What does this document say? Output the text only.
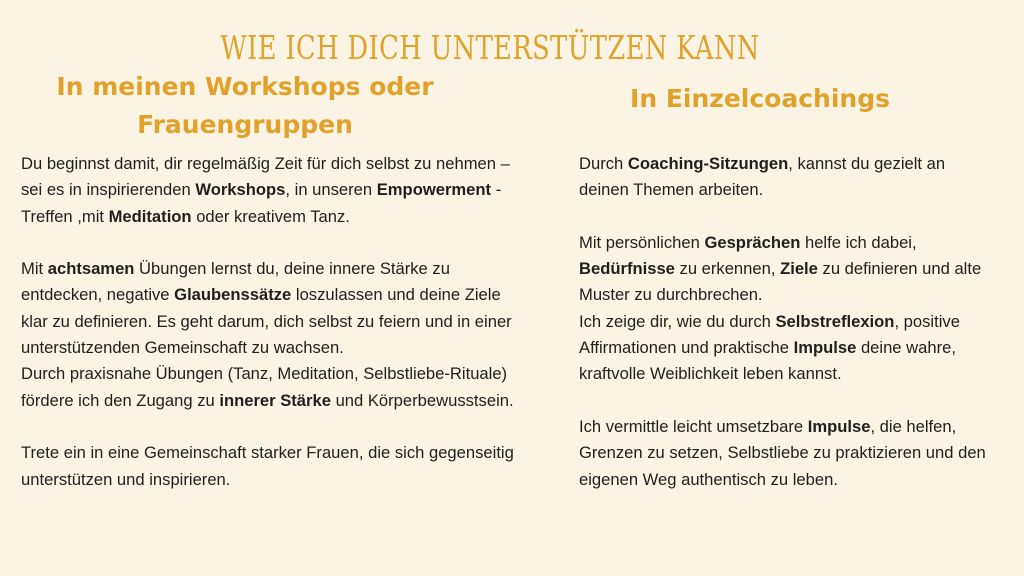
WIE ICH DICH UNTERSTÜTZEN KANN
In meinen Workshops oder Frauengruppen
In Einzelcoachings

Du beginnst damit, dir regelmäßig Zeit für dich selbst zu nehmen – sei es in inspirierenden Workshops, in unseren Empowerment -Treffen ,mit Meditation oder kreativem Tanz.

Mit achtsamen Übungen lernst du, deine innere Stärke zu entdecken, negative Glaubenssätze loszulassen und deine Ziele klar zu definieren. Es geht darum, dich selbst zu feiern und in einer unterstützenden Gemeinschaft zu wachsen.

Durch praxisnahe Übungen (Tanz, Meditation, Selbstliebe-Rituale) fördere ich den Zugang zu innerer Stärke und Körperbewusstsein.

Trete ein in eine Gemeinschaft starker Frauen, die sich gegenseitig unterstützen und inspirieren.

Durch Coaching-Sitzungen, kannst du gezielt an deinen Themen arbeiten.

Mit persönlichen Gesprächen helfe ich dabei, Bedürfnisse zu erkennen, Ziele zu definieren und alte Muster zu durchbrechen.

Ich zeige dir, wie du durch Selbstreflexion, positive Affirmationen und praktische Impulse deine wahre, kraftvolle Weiblichkeit leben kannst.

Ich vermittle leicht umsetzbare Impulse, die helfen, Grenzen zu setzen, Selbstliebe zu praktizieren und den eigenen Weg authentisch zu leben.
